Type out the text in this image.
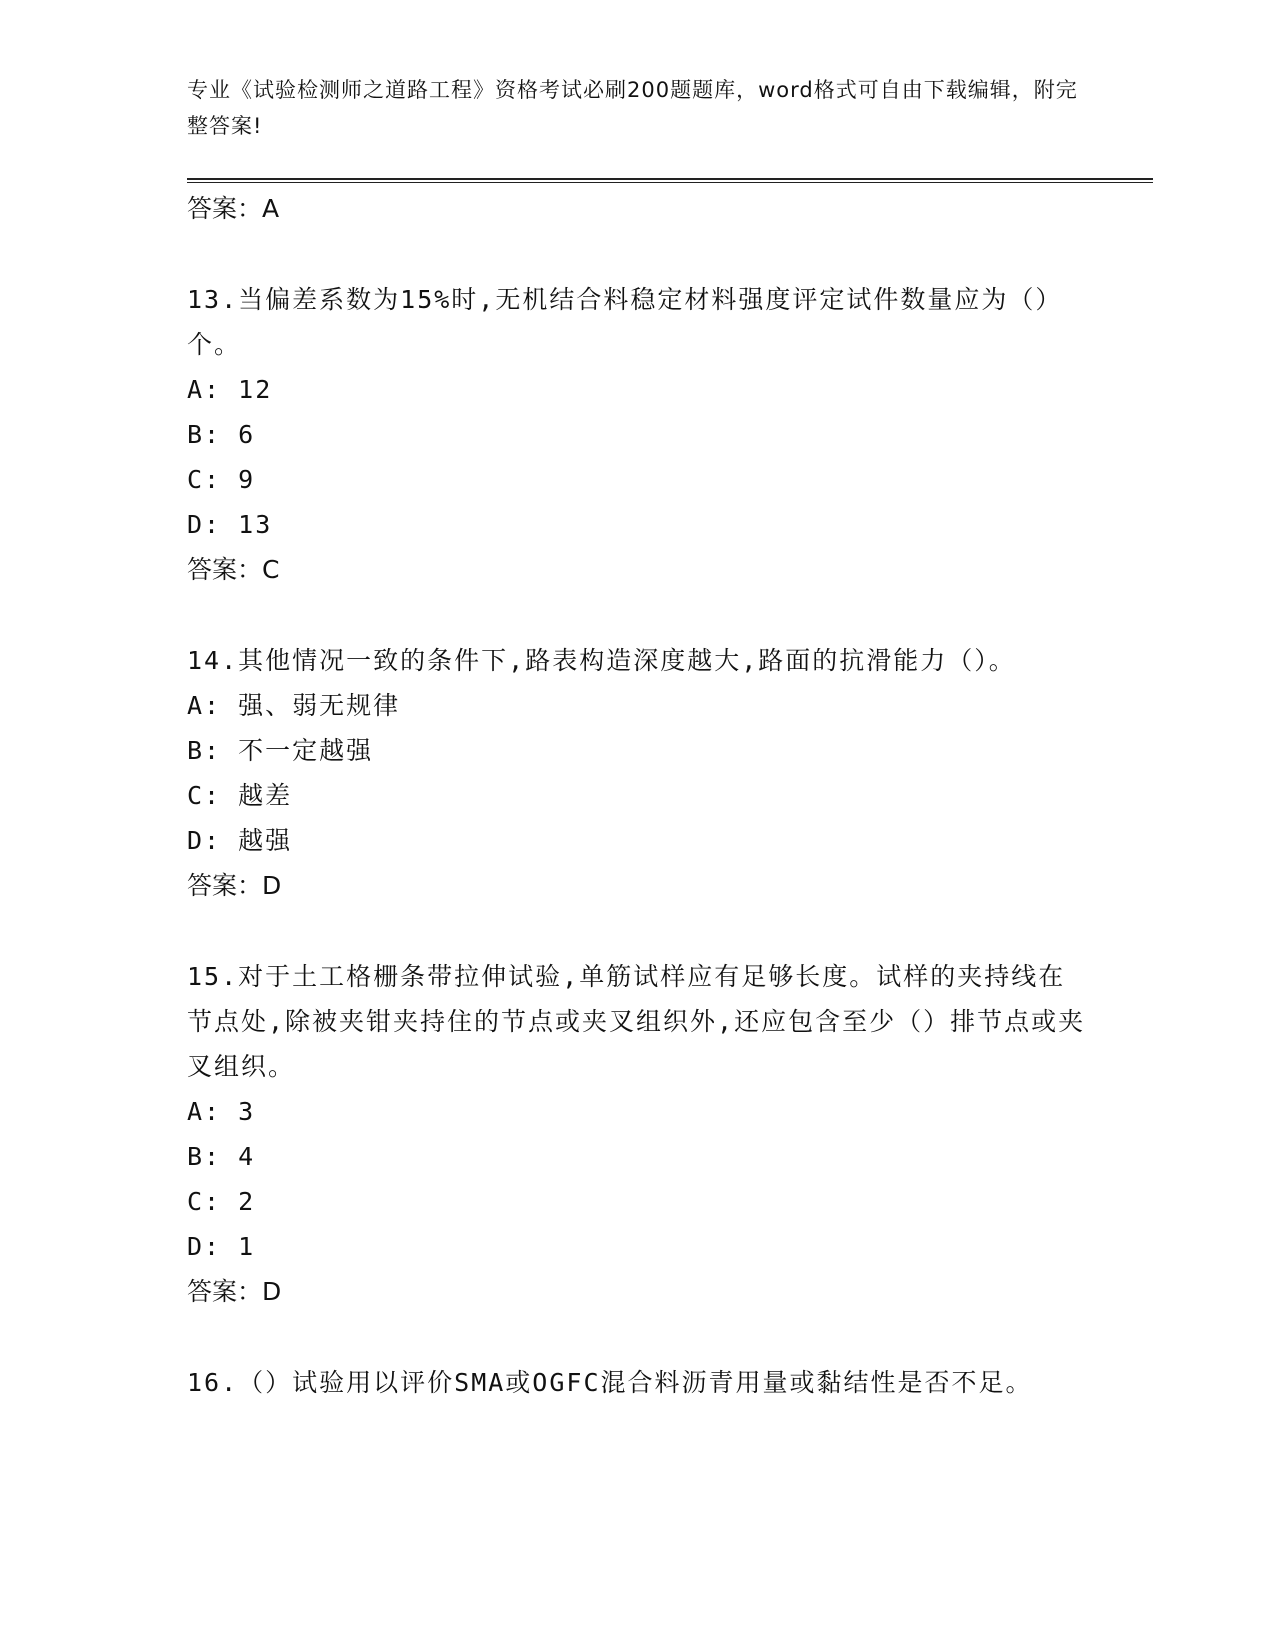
专业《试验检测师之道路工程》资格考试必刷200题题库，word格式可自由下载编辑，附完整答案!

答案：A

13.当偏差系数为15%时,无机结合料稳定材料强度评定试件数量应为（）个。

A: 12

B: 6

C: 9

D: 13

答案：C

14.其他情况一致的条件下,路表构造深度越大,路面的抗滑能力（）。

A: 强、弱无规律

B: 不一定越强

C: 越差

D: 越强

答案：D

15.对于土工格栅条带拉伸试验,单筋试样应有足够长度。试样的夹持线在节点处,除被夹钳夹持住的节点或夹叉组织外,还应包含至少（）排节点或夹叉组织。

A: 3

B: 4

C: 2

D: 1

答案：D

16.（）试验用以评价SMA或OGFC混合料沥青用量或黏结性是否不足。
